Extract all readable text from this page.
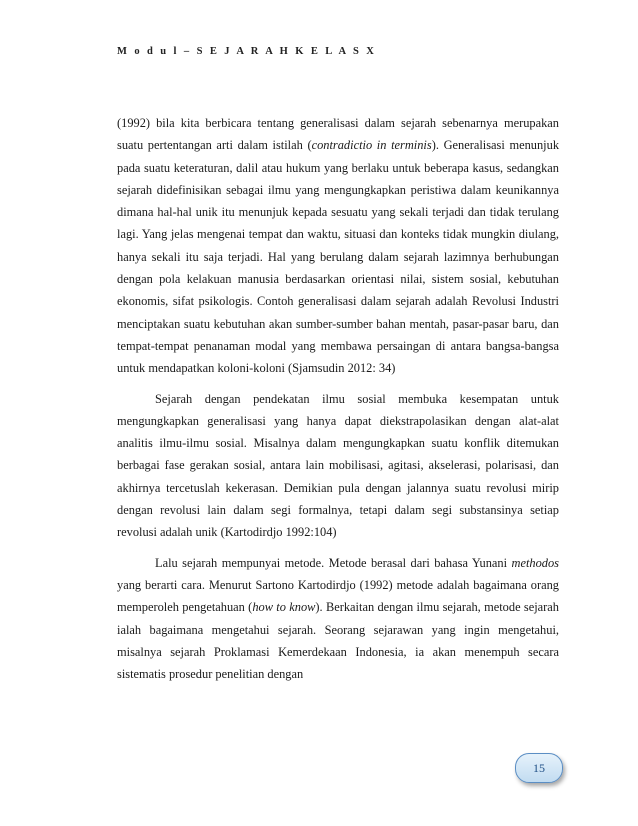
M o d u l – S E J A R A H K E L A S X

(1992) bila kita berbicara tentang generalisasi dalam sejarah sebenarnya merupakan suatu pertentangan arti dalam istilah (contradictio in terminis). Generalisasi menunjuk pada suatu keteraturan, dalil atau hukum yang berlaku untuk beberapa kasus, sedangkan sejarah didefinisikan sebagai ilmu yang mengungkapkan peristiwa dalam keunikannya dimana hal-hal unik itu menunjuk kepada sesuatu yang sekali terjadi dan tidak terulang lagi. Yang jelas mengenai tempat dan waktu, situasi dan konteks tidak mungkin diulang, hanya sekali itu saja terjadi. Hal yang berulang dalam sejarah lazimnya berhubungan dengan pola kelakuan manusia berdasarkan orientasi nilai, sistem sosial, kebutuhan ekonomis, sifat psikologis. Contoh generalisasi dalam sejarah adalah Revolusi Industri menciptakan suatu kebutuhan akan sumber-sumber bahan mentah, pasar-pasar baru, dan tempat-tempat penanaman modal yang membawa persaingan di antara bangsa-bangsa untuk mendapatkan koloni-koloni (Sjamsudin 2012: 34)

Sejarah dengan pendekatan ilmu sosial membuka kesempatan untuk mengungkapkan generalisasi yang hanya dapat diekstrapolasikan dengan alat-alat analitis ilmu-ilmu sosial. Misalnya dalam mengungkapkan suatu konflik ditemukan berbagai fase gerakan sosial, antara lain mobilisasi, agitasi, akselerasi, polarisasi, dan akhirnya tercetuslah kekerasan. Demikian pula dengan jalannya suatu revolusi mirip dengan revolusi lain dalam segi formalnya, tetapi dalam segi substansinya setiap revolusi adalah unik (Kartodirdjo 1992:104)

Lalu sejarah mempunyai metode. Metode berasal dari bahasa Yunani methodos yang berarti cara. Menurut Sartono Kartodirdjo (1992) metode adalah bagaimana orang memperoleh pengetahuan (how to know). Berkaitan dengan ilmu sejarah, metode sejarah ialah bagaimana mengetahui sejarah. Seorang sejarawan yang ingin mengetahui, misalnya sejarah Proklamasi Kemerdekaan Indonesia, ia akan menempuh secara sistematis prosedur penelitian dengan

15
